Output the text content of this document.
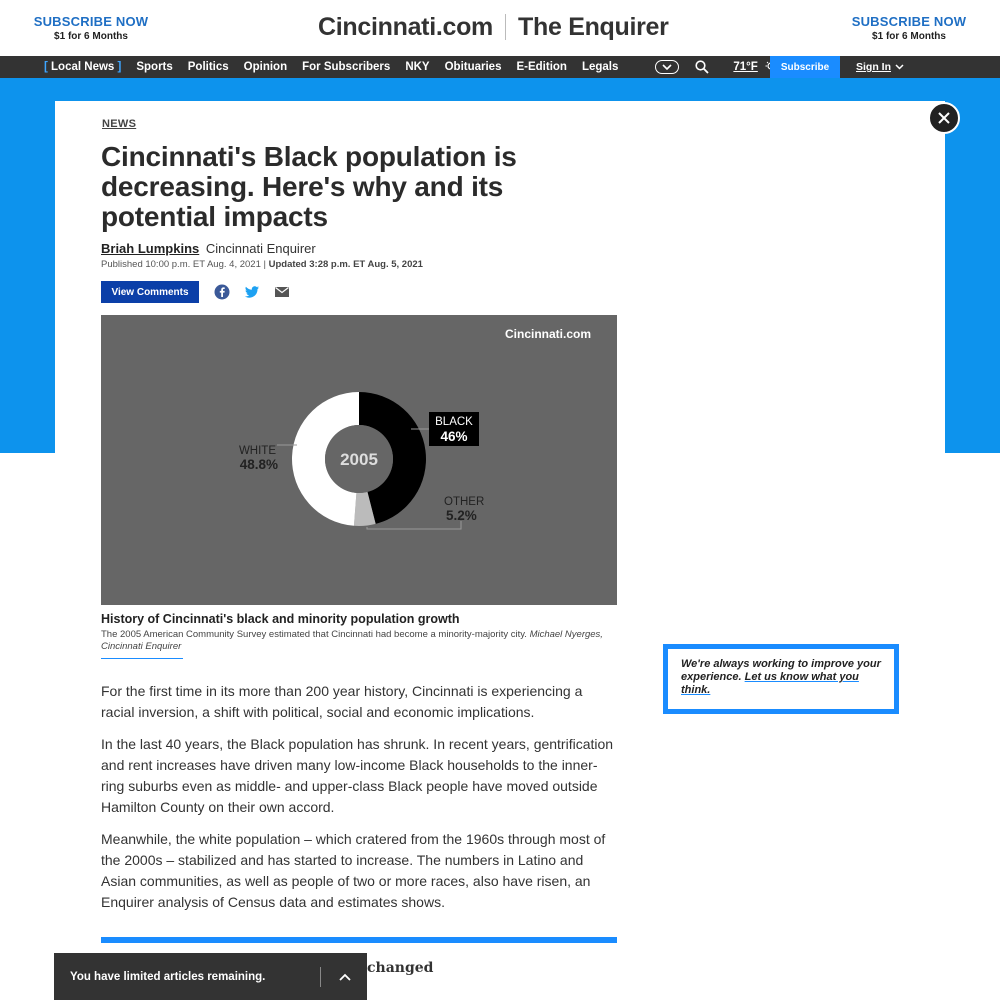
SUBSCRIBE NOW
$1 for 6 Months	Cincinnati.com The Enquirer	SUBSCRIBE NOW
$1 for 6 Months
[ Local News ] Sports Politics Opinion For Subscribers NKY Obituaries E-Edition Legals	71°F	Subscribe	Sign In
NEWS
Cincinnati's Black population is decreasing. Here's why and its potential impacts
Briah Lumpkins Cincinnati Enquirer
Published 10:00 p.m. ET Aug. 4, 2021 | Updated 3:28 p.m. ET Aug. 5, 2021
View Comments
Cincinnati.com
2005
BLACK
46%
OTHER
5.2%
WHITE
48.8%
History of Cincinnati's black and minority population growth
The 2005 American Community Survey estimated that Cincinnati had become a minority-majority city. Michael Nyerges, Cincinnati Enquirer

For the first time in its more than 200 year history, Cincinnati is experiencing a racial inversion, a shift with political, social and economic implications.

In the last 40 years, the Black population has shrunk. In recent years, gentrification and rent increases have driven many low-income Black households to the inner-ring suburbs even as middle- and upper-class Black people have moved outside Hamilton County on their own accord.

Meanwhile, the white population – which cratered from the 1960s through most of the 2000s – stabilized and has started to increase. The numbers in Latino and Asian communities, as well as people of two or more races, also have risen, an Enquirer analysis of Census data and estimates shows.

We're always working to improve your experience. Let us know what you think.
changed
You have limited articles remaining.
